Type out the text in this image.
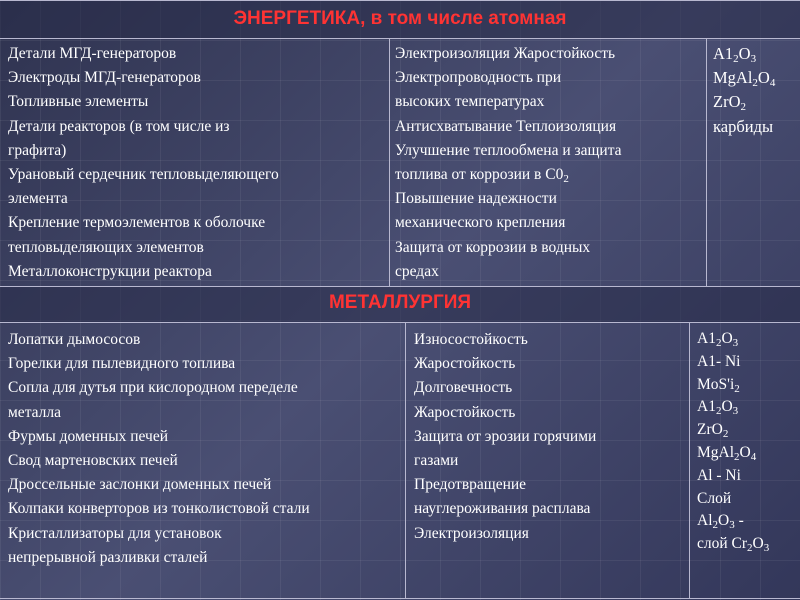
ЭНЕРГЕТИКА, в том числе атомная
МЕТАЛЛУРГИЯ
Детали МГД-генераторов
Электроды МГД-генераторов
Топливные элементы
Детали реакторов (в том числе из
графита)
Урановый сердечник тепловыделяющего
элемента
Крепление термоэлементов к оболочке
тепловыделяющих элементов
Металлоконструкции реактора
Электроизоляция Жаростойкость
Электропроводность при
высоких температурах
Антисхватывание Теплоизоляция
Улучшение теплообмена и защита
топлива от коррозии в $С0_2$
Повышение надежности
механического крепления
Защита от коррозии в водных
средах
$А1_2О_3$
$MgAl_2O_4$
ZrO$_2$
карбиды
Лопатки дымососов
Горелки для пылевидного топлива
Сопла для дутья при кислородном переделе
металла
Фурмы доменных печей
Свод мартеновских печей
Дроссельные заслонки доменных печей
Колпаки конверторов из тонколистовой стали
Кристаллизаторы для установок
непрерывной разливки сталей
Износостойкость
Жаростойкость
Долговечность
Жаростойкость
Защита от эрозии горячими
газами
Предотвращение
науглероживания расплава
Электроизоляция
$А1_2О_3$
А1- Ni
$MoS'i_2$
$А1_2О_3$
ZrO$_2$
$MgAl_2O_4$
Al - Ni
Слой
$Al_2O_3$ -
слой $Cr_2O_3$
